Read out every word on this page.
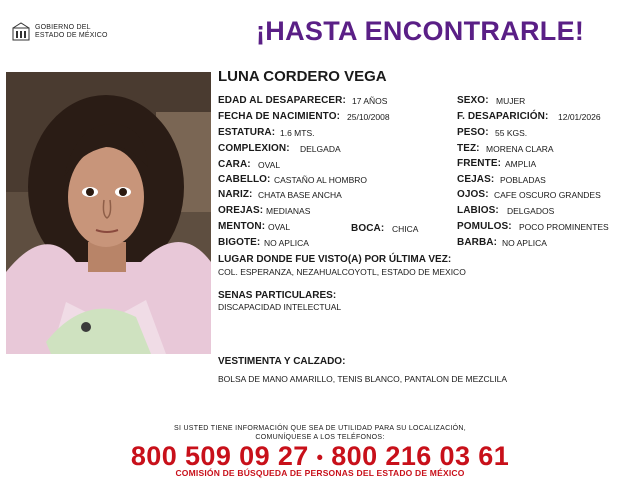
GOBIERNO DEL
ESTADO DE MÉXICO	¡HASTA ENCONTRARLE!
LUNA CORDERO VEGA
EDAD AL DESAPARECER: 17 AÑOS
FECHA DE NACIMIENTO: 25/10/2008
ESTATURA: 1.6 MTS.
COMPLEXION: DELGADA
CARA: OVAL
CABELLO: CASTAÑO AL HOMBRO
NARIZ: CHATA BASE ANCHA
OREJAS: MEDIANAS
MENTON: OVAL	BOCA: CHICA
BIGOTE: NO APLICA
SEXO: MUJER
F. DESAPARICIÓN: 12/01/2026
PESO: 55 KGS.
TEZ: MORENA CLARA
FRENTE: AMPLIA
CEJAS: POBLADAS
OJOS: CAFE OSCURO GRANDES
LABIOS: DELGADOS
POMULOS: POCO PROMINENTES
BARBA: NO APLICA
LUGAR DONDE FUE VISTO(A) POR ÚLTIMA VEZ:
COL. ESPERANZA, NEZAHUALCOYOTL, ESTADO DE MEXICO
SENAS PARTICULARES:
DISCAPACIDAD INTELECTUAL
VESTIMENTA Y CALZADO:
BOLSA DE MANO AMARILLO, TENIS BLANCO, PANTALON DE MEZCLILA
SI USTED TIENE INFORMACIÓN QUE SEA DE UTILIDAD PARA SU LOCALIZACIÓN,
COMUNÍQUESE A LOS TELÉFONOS:
800 509 09 27 • 800 216 03 61
COMISIÓN DE BÚSQUEDA DE PERSONAS DEL ESTADO DE MÉXICO
